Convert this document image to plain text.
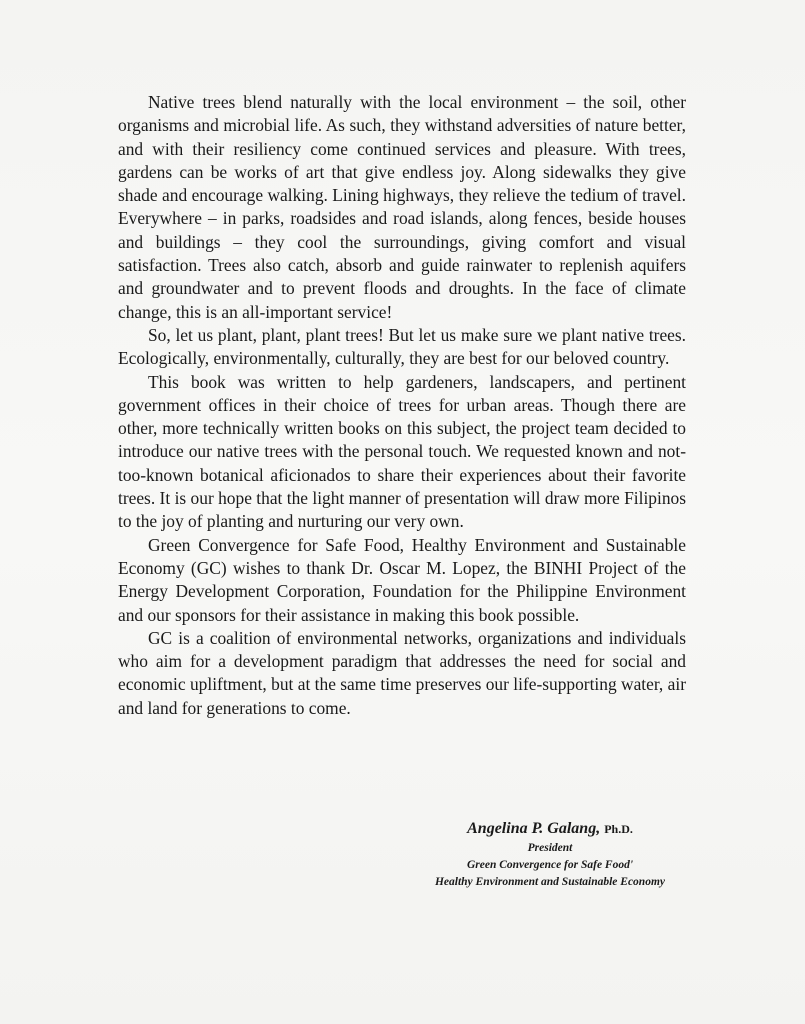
Native trees blend naturally with the local environment – the soil, other organisms and microbial life. As such, they withstand adversities of nature better, and with their resiliency come continued services and pleasure. With trees, gardens can be works of art that give endless joy. Along sidewalks they give shade and encourage walking. Lining highways, they relieve the tedium of travel. Everywhere – in parks, roadsides and road islands, along fences, beside houses and buildings – they cool the surroundings, giving comfort and visual satisfaction. Trees also catch, absorb and guide rainwater to replenish aquifers and groundwater and to prevent floods and droughts. In the face of climate change, this is an all-important service!

So, let us plant, plant, plant trees! But let us make sure we plant native trees. Ecologically, environmentally, culturally, they are best for our beloved country.

This book was written to help gardeners, landscapers, and pertinent government offices in their choice of trees for urban areas. Though there are other, more technically written books on this subject, the project team decided to introduce our native trees with the personal touch. We requested known and not-too-known botanical aficionados to share their experiences about their favorite trees. It is our hope that the light manner of presentation will draw more Filipinos to the joy of planting and nurturing our very own.

Green Convergence for Safe Food, Healthy Environment and Sustainable Economy (GC) wishes to thank Dr. Oscar M. Lopez, the BINHI Project of the Energy Development Corporation, Foundation for the Philippine Environment and our sponsors for their assistance in making this book possible.

GC is a coalition of environmental networks, organizations and individuals who aim for a development paradigm that addresses the need for social and economic upliftment, but at the same time preserves our life-supporting water, air and land for generations to come.

Angelina P. Galang, Ph.D.
President
Green Convergence for Safe Food'
Healthy Environment and Sustainable Economy
